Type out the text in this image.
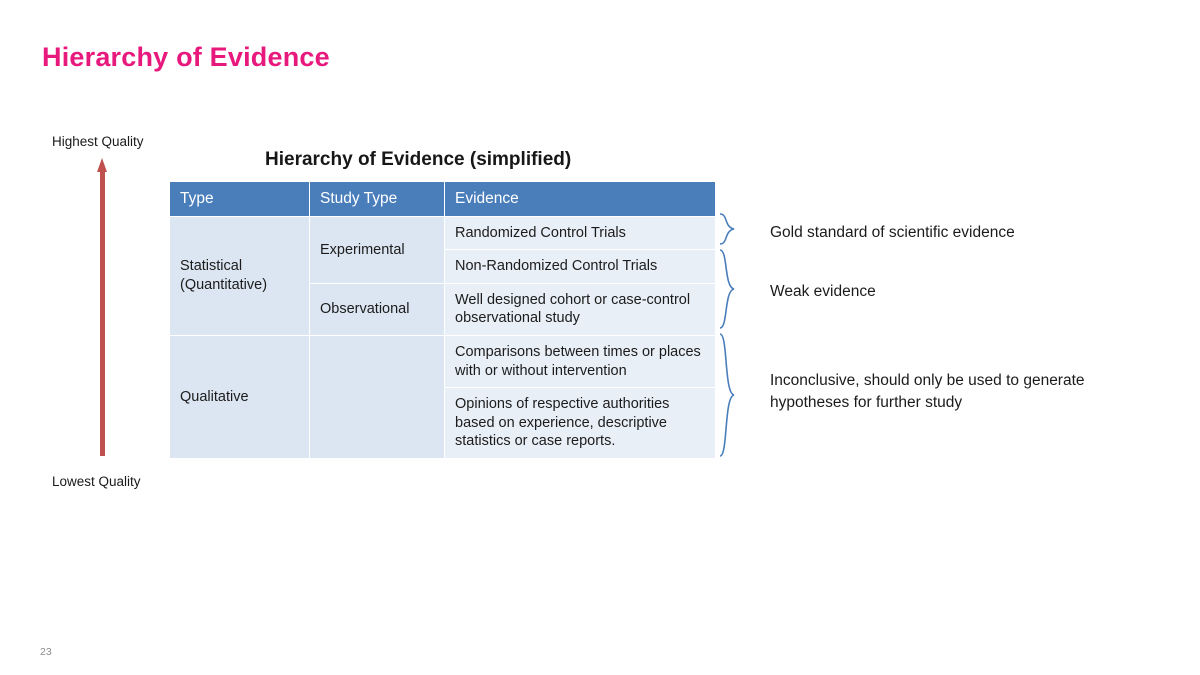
Hierarchy of Evidence
Highest Quality
Lowest Quality
Hierarchy of Evidence (simplified)
Type	Study Type	Evidence
Statistical (Quantitative)	Experimental	Randomized Control Trials
		Non-Randomized Control Trials
	Observational	Well designed cohort or case-control observational study
Qualitative		Comparisons between times or places with or without intervention
		Opinions of respective authorities based on experience, descriptive statistics or case reports.
Gold standard of scientific evidence
Weak evidence
Inconclusive, should only be used to generate hypotheses for further study
23
